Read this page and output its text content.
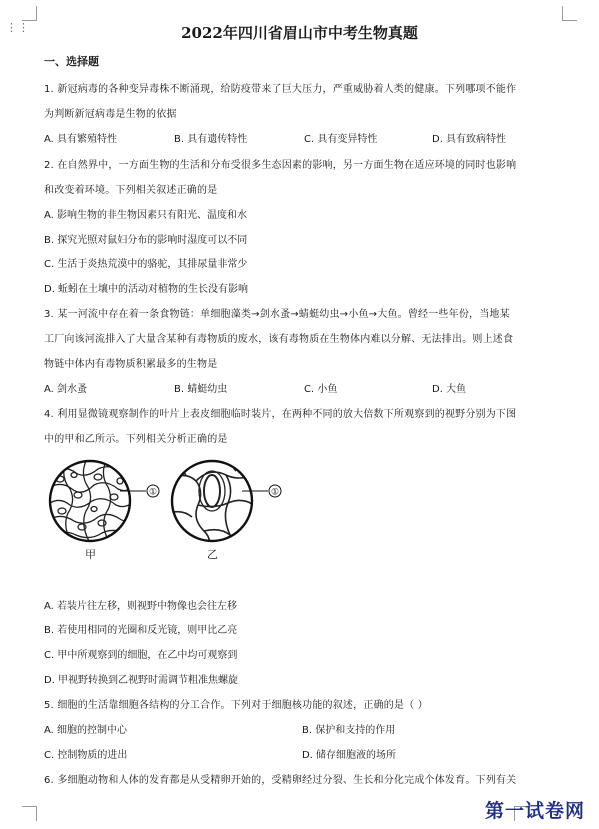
⋮⋮	2022年四川省眉山市中考生物真题
一、选择题
1. 新冠病毒的各种变异毒株不断涌现，给防疫带来了巨大压力，严重威胁着人类的健康。下列哪项不能作
为判断新冠病毒是生物的依据
A. 具有繁殖特性	B. 具有遗传特性	C. 具有变异特性	D. 具有致病特性
2. 在自然界中，一方面生物的生活和分布受很多生态因素的影响，另一方面生物在适应环境的同时也影响
和改变着环境。下列相关叙述正确的是
A. 影响生物的非生物因素只有阳光、温度和水
B. 探究光照对鼠妇分布的影响时湿度可以不同
C. 生活于炎热荒漠中的骆驼，其排尿量非常少
D. 蚯蚓在土壤中的活动对植物的生长没有影响
3. 某一河流中存在着一条食物链：单细胞藻类→剑水蚤→蜻蜓幼虫→小鱼→大鱼。曾经一些年份，当地某
工厂向该河流排入了大量含某种有毒物质的废水，该有毒物质在生物体内难以分解、无法排出。则上述食
物链中体内有毒物质积累最多的生物是
A. 剑水蚤	B. 蜻蜓幼虫	C. 小鱼	D. 大鱼
4. 利用显微镜观察制作的叶片上表皮细胞临时装片，在两种不同的放大倍数下所观察到的视野分别为下图
中的甲和乙所示。下列相关分析正确的是
①	①
甲	乙
A. 若装片往左移，则视野中物像也会往左移
B. 若使用相同的光圈和反光镜，则甲比乙亮
C. 甲中所观察到的细胞，在乙中均可观察到
D. 甲视野转换到乙视野时需调节粗准焦螺旋
5. 细胞的生活靠细胞各结构的分工合作。下列对于细胞核功能的叙述，正确的是（ ）
A. 细胞的控制中心	B. 保护和支持的作用
C. 控制物质的进出	D. 储存细胞液的场所
6. 多细胞动物和人体的发育都是从受精卵开始的，受精卵经过分裂、生长和分化完成个体发育。下列有关
第一试卷网
